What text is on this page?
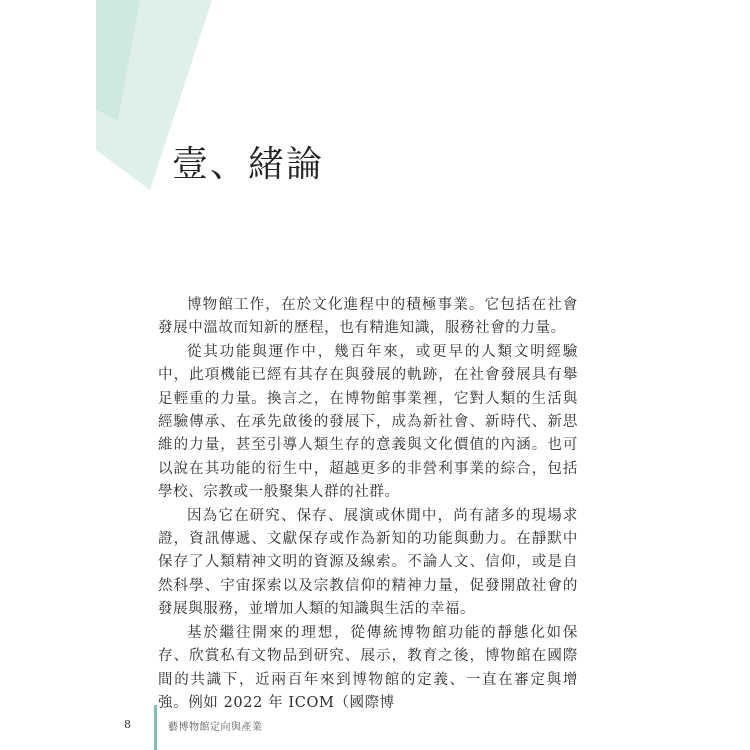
壹、緒論

博物館工作，在於文化進程中的積極事業。它包括在社會發展中溫故而知新的歷程，也有精進知識，服務社會的力量。

從其功能與運作中，幾百年來，或更早的人類文明經驗中，此項機能已經有其存在與發展的軌跡，在社會發展具有舉足輕重的力量。換言之，在博物館事業裡，它對人類的生活與經驗傳承、在承先啟後的發展下，成為新社會、新時代、新思維的力量，甚至引導人類生存的意義與文化價值的內涵。也可以說在其功能的衍生中，超越更多的非營利事業的綜合，包括學校、宗教或一般聚集人群的社群。

因為它在研究、保存、展演或休閒中，尚有諸多的現場求證，資訊傳遞、文獻保存或作為新知的功能與動力。在靜默中保存了人類精神文明的資源及線索。不論人文、信仰，或是自然科學、宇宙探索以及宗教信仰的精神力量，促發開啟社會的發展與服務，並增加人類的知識與生活的幸福。

基於繼往開來的理想，從傳統博物館功能的靜態化如保存、欣賞私有文物品到研究、展示，教育之後，博物館在國際間的共識下，近兩百年來到博物館的定義、一直在審定與增強。例如 2022 年 ICOM（國際博

8	藝博物館定向與產業
